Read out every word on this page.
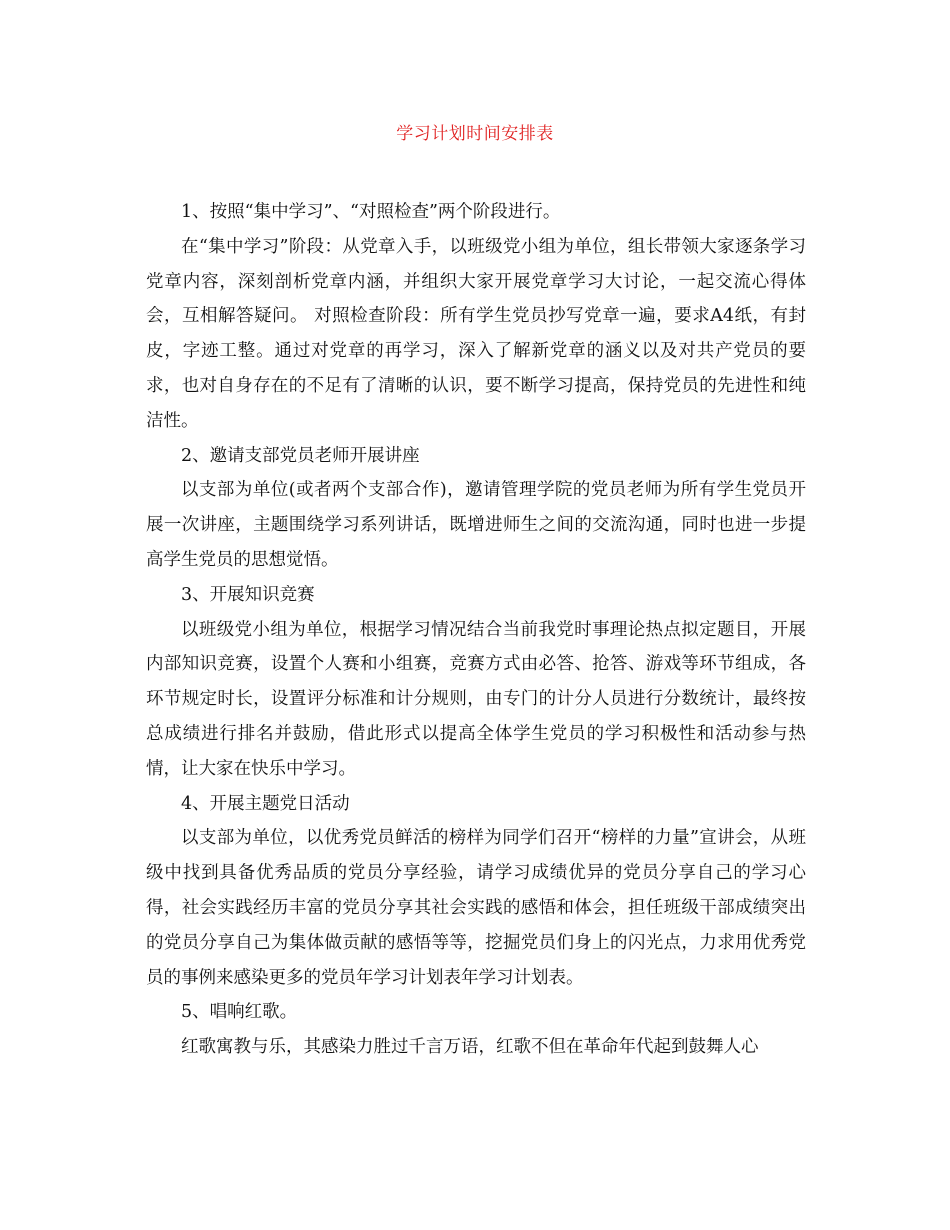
学习计划时间安排表

1、按照“集中学习”、“对照检查”两个阶段进行。

在“集中学习”阶段：从党章入手，以班级党小组为单位，组长带领大家逐条学习党章内容，深刻剖析党章内涵，并组织大家开展党章学习大讨论，一起交流心得体会，互相解答疑问。 对照检查阶段：所有学生党员抄写党章一遍，要求A4纸，有封皮，字迹工整。通过对党章的再学习，深入了解新党章的涵义以及对共产党员的要求，也对自身存在的不足有了清晰的认识，要不断学习提高，保持党员的先进性和纯洁性。

2、邀请支部党员老师开展讲座

以支部为单位(或者两个支部合作)，邀请管理学院的党员老师为所有学生党员开展一次讲座，主题围绕学习系列讲话，既增进师生之间的交流沟通，同时也进一步提高学生党员的思想觉悟。

3、开展知识竞赛

以班级党小组为单位，根据学习情况结合当前我党时事理论热点拟定题目，开展内部知识竞赛，设置个人赛和小组赛，竞赛方式由必答、抢答、游戏等环节组成，各环节规定时长，设置评分标准和计分规则，由专门的计分人员进行分数统计，最终按总成绩进行排名并鼓励，借此形式以提高全体学生党员的学习积极性和活动参与热情，让大家在快乐中学习。

4、开展主题党日活动

以支部为单位，以优秀党员鲜活的榜样为同学们召开“榜样的力量”宣讲会，从班级中找到具备优秀品质的党员分享经验，请学习成绩优异的党员分享自己的学习心得，社会实践经历丰富的党员分享其社会实践的感悟和体会，担任班级干部成绩突出的党员分享自己为集体做贡献的感悟等等，挖掘党员们身上的闪光点，力求用优秀党员的事例来感染更多的党员年学习计划表年学习计划表。

5、唱响红歌。

红歌寓教与乐，其感染力胜过千言万语，红歌不但在革命年代起到鼓舞人心
